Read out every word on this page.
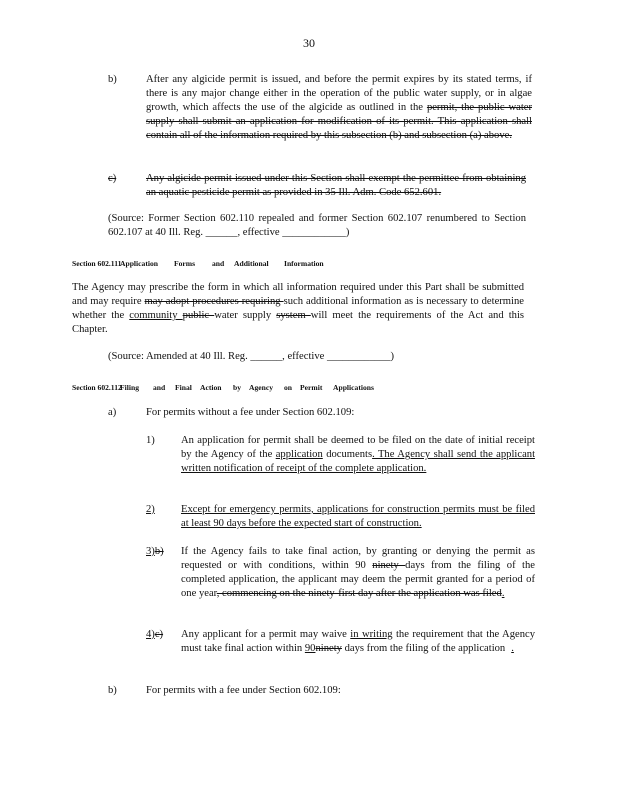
30
b)	After any algicide permit is issued, and before the permit expires by its stated terms, if there is any major change either in the operation of the public water supply, or in algae growth, which affects the use of the algicide as outlined in the permit, the public water supply shall submit an application for modification of its permit. This application shall contain all of the information required by this subsection (b) and subsection (a) above.

c)	Any algicide permit issued under this Section shall exempt the permittee from obtaining an aquatic pesticide permit as provided in 35 Ill. Adm. Code 652.601.

(Source: Former Section 602.110 repealed and former Section 602.107 renumbered to Section 602.107 at 40 Ill. Reg. ______, effective ____________)

Section 602.111Application Forms and Additional Information

The Agency may prescribe the form in which all information required under this Part shall be submitted and may require may adopt procedures requiring such additional information as is necessary to determine whether the community public water supply system will meet the requirements of the Act and this Chapter.

(Source: Amended at 40 Ill. Reg. ______, effective ____________)

Section 602.112Filing and Final Action by Agency on Permit Applications
a)	For permits without a fee under Section 602.109:
1) An application for permit shall be deemed to be filed on the date of initial receipt by the Agency of the application documents. The Agency shall send the applicant written notification of receipt of the complete application.

2) Except for emergency permits, applications for construction permits must be filed at least 90 days before the expected start of construction.

3)b) If the Agency fails to take final action, by granting or denying the permit as requested or with conditions, within 90 ninety days from the filing of the completed application, the applicant may deem the permit granted for a period of one year, commencing on the ninety-first day after the application was filed.

4)c) Any applicant for a permit may waive in writing the requirement that the Agency must take final action within 90ninety days from the filing of the application .

b)	For permits with a fee under Section 602.109:
